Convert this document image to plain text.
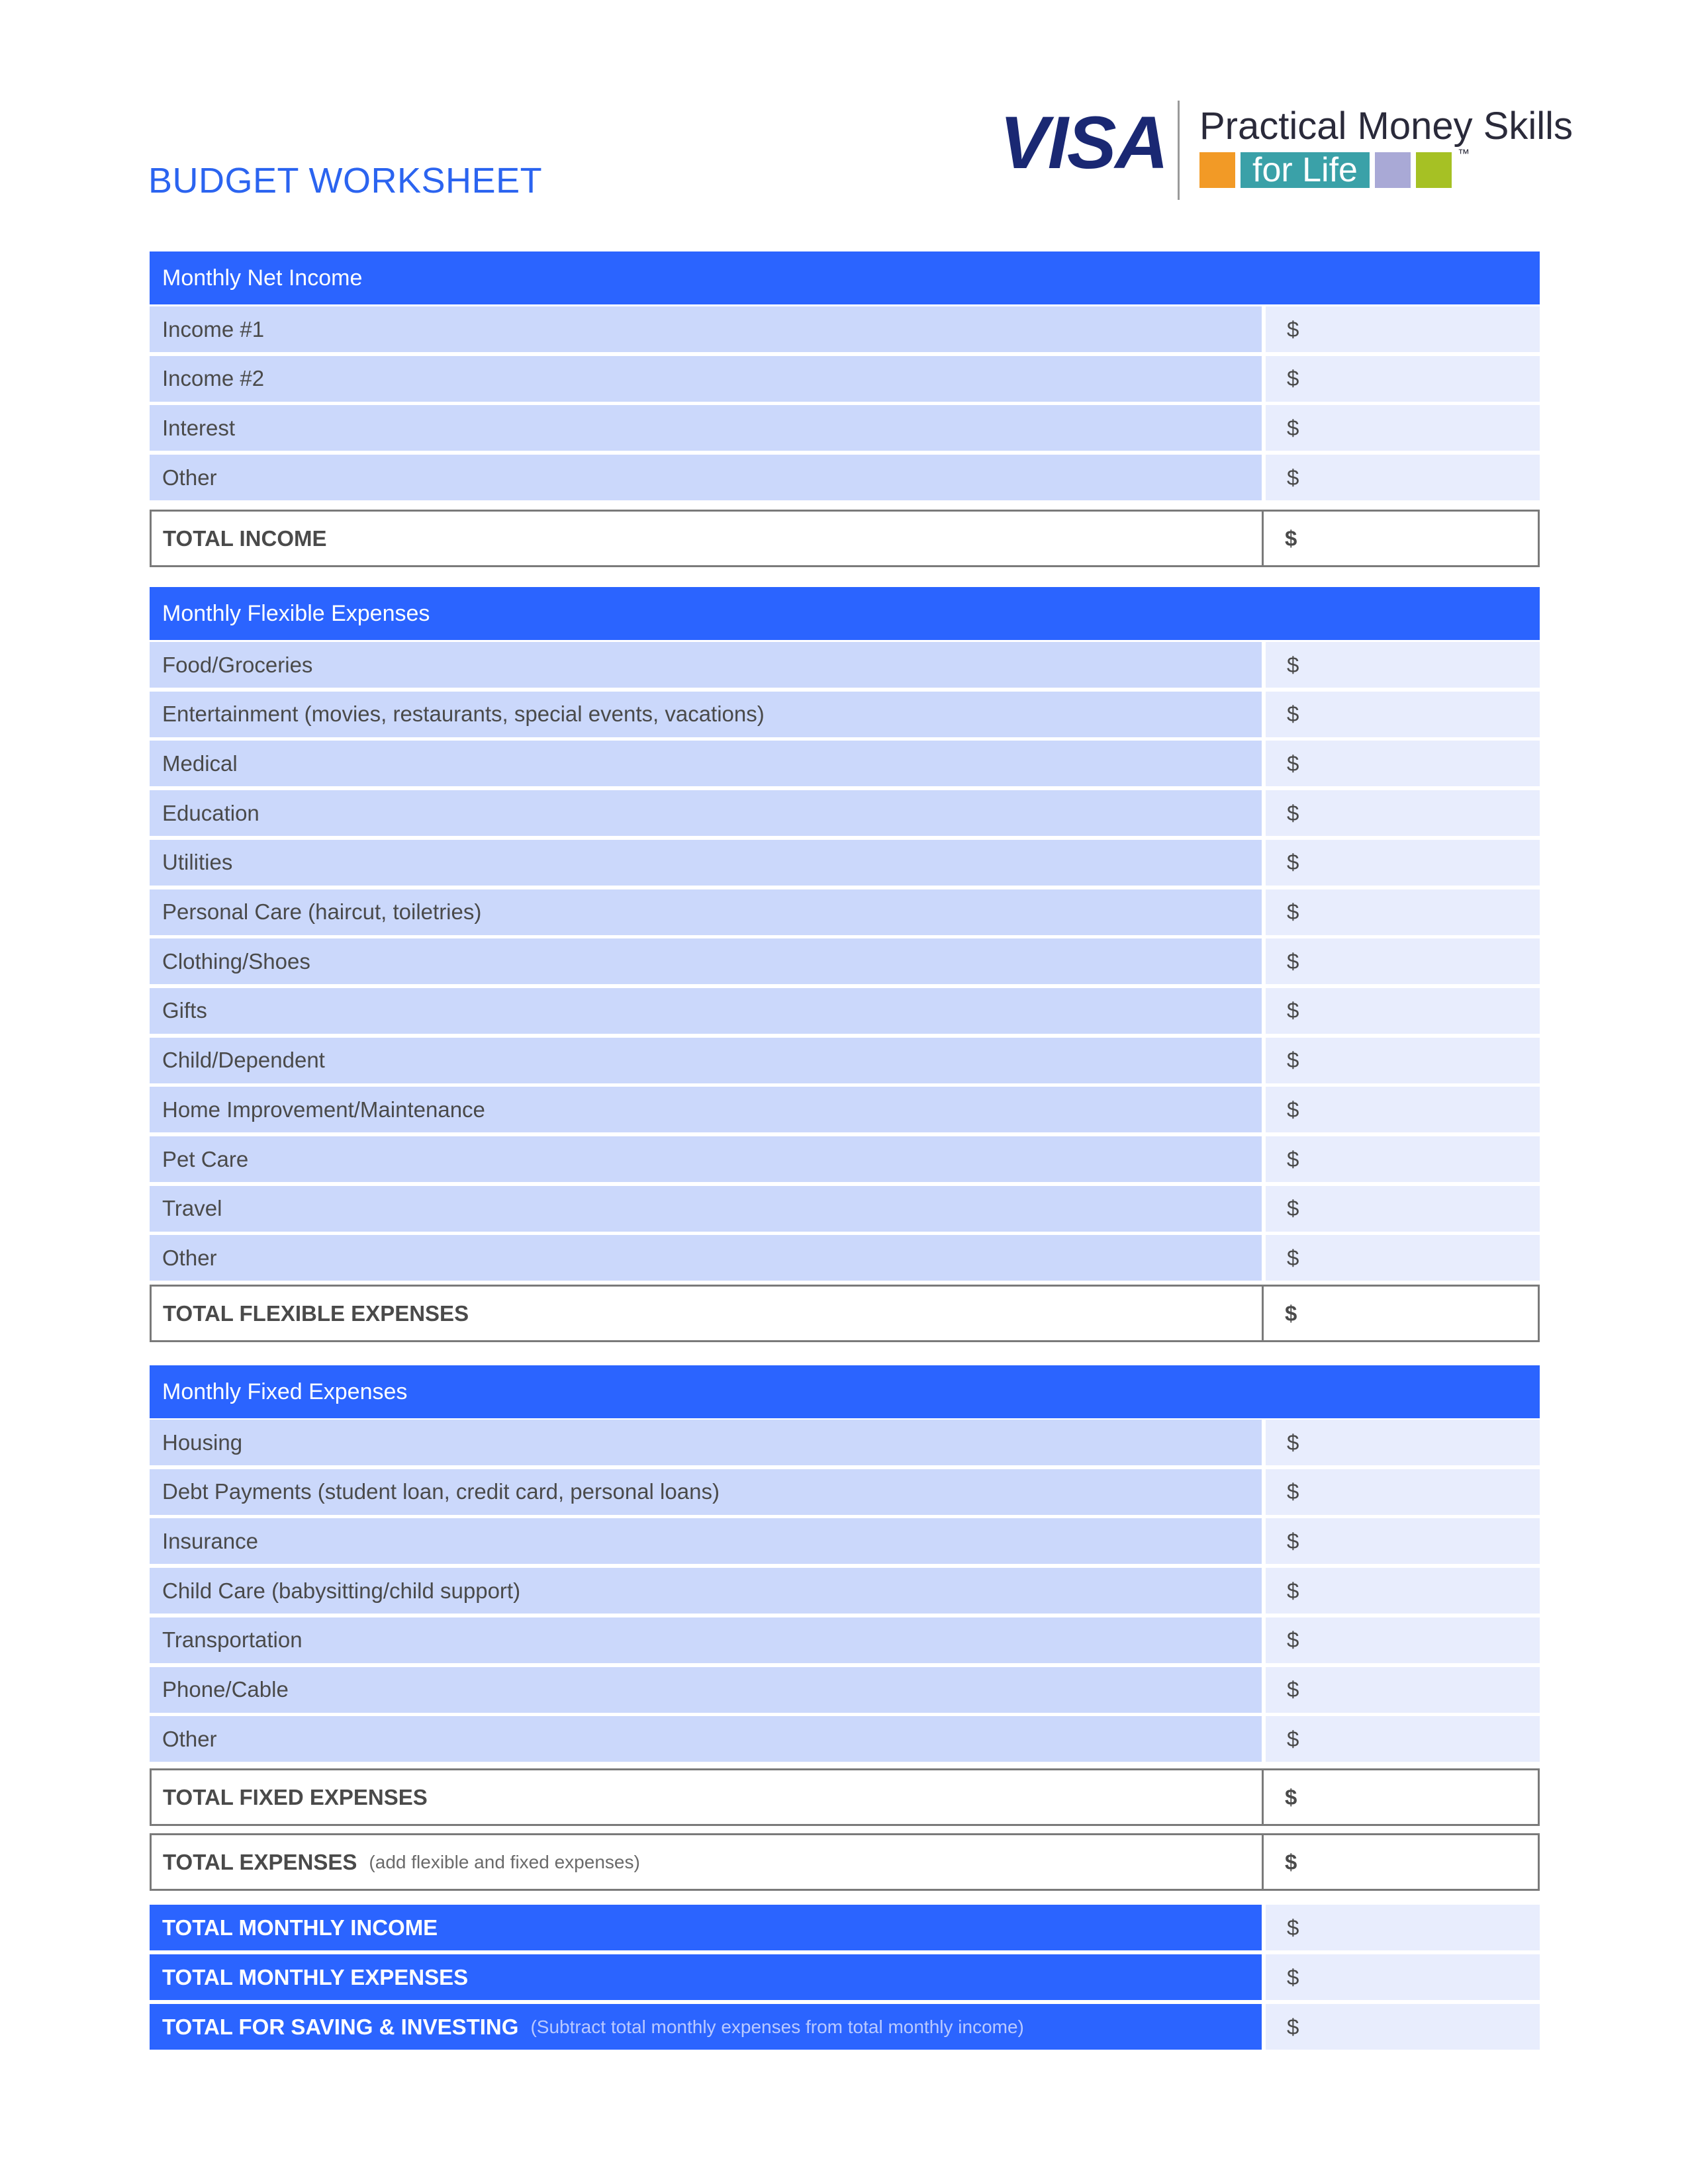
BUDGET WORKSHEET	VISA Practical Money Skills
for Life	™
Monthly Net Income
Income #1	$
Income #2	$
Interest	$
Other	$
TOTAL INCOME	$
Monthly Flexible Expenses
Food/Groceries	$
Entertainment (movies, restaurants, special events, vacations)	$
Medical	$
Education	$
Utilities	$
Personal Care (haircut, toiletries)	$
Clothing/Shoes	$
Gifts	$
Child/Dependent	$
Home Improvement/Maintenance	$
Pet Care	$
Travel	$
Other	$
TOTAL FLEXIBLE EXPENSES	$
Monthly Fixed Expenses
Housing	$
Debt Payments (student loan, credit card, personal loans)	$
Insurance	$
Child Care (babysitting/child support)	$
Transportation	$
Phone/Cable	$
Other	$
TOTAL FIXED EXPENSES	$
TOTAL EXPENSES (add flexible and fixed expenses)	$
TOTAL MONTHLY INCOME	$
TOTAL MONTHLY EXPENSES	$
TOTAL FOR SAVING & INVESTING (Subtract total monthly expenses from total monthly income)	$
